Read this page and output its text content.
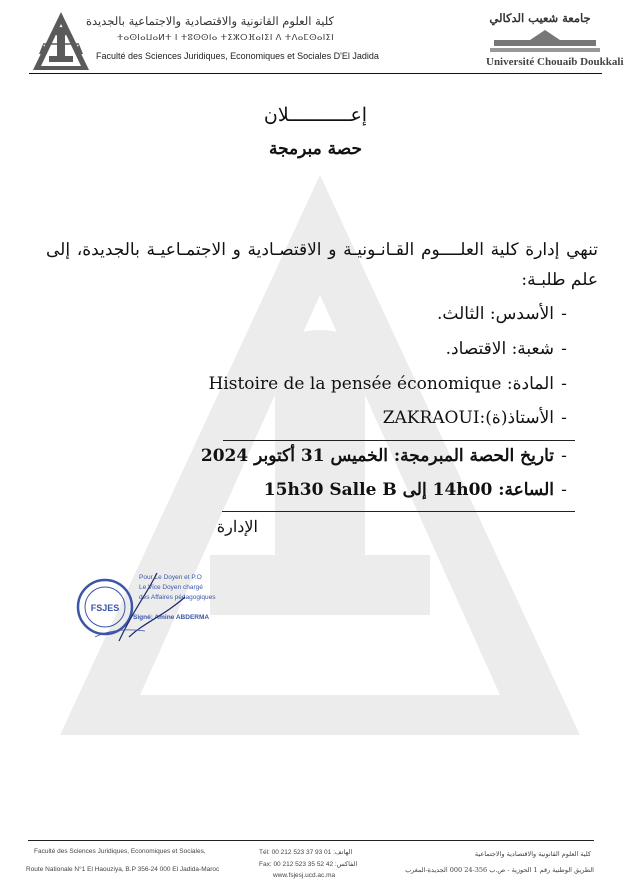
كلية العلوم القانونية والاقتصادية والاجتماعية بالجديدة
ⵜⴰⵙⵏⴰⵡⴰⵍⵜ ⵏ ⵜⵓⵙⵙⵏⴰ ⵜⵉⵣⵔⴼⴰⵏⵉⵏ ⴷ ⵜⴷⴰⵎⵙⴰⵏⵉⵏ
Faculté des Sciences Juridiques, Economiques et Sociales D'El Jadida
جامعة شعيب الدكالي
Université Chouaib Doukkali
إعـــــــــــلان
حصة مبرمجة
تنهي إدارة كلية العلــــوم القـانـونيـة و الاقتصـادية و الاجتمـاعيـة بالجديدة، إلى علم طلبـة:
-الأسدس: الثالث.
-شعبة: الاقتصاد.
-المادة: Histoire de la pensée économique
-الأستاذ(ة):ZAKRAOUI
-تاريخ الحصة المبرمجة: الخميس 31 أكتوبر 2024
-الساعة: 14h00 إلى 15h30 Salle B
الإدارة
FSJES
Pour Le Doyen et P.O
Le Vice Doyen chargé
des Affaires pédagogiques
Signé: Amine ABDERMA
Faculté des Sciences Juridiques, Economiques et Sociales,
Route Nationale N°1 El Haouziya, B.P 356-24 000 El Jadida-Maroc
Tél: 00 212 523 37 93 01 :الهاتف
Fax: 00 212 523 35 52 42 :الفاكس
www.fsjesj.ucd.ac.ma
كلية العلوم القانونية والاقتصادية والاجتماعية
الطريق الوطنية رقم 1 الحوزية - ص.ب 356-24 000 الجديدة-المغرب
